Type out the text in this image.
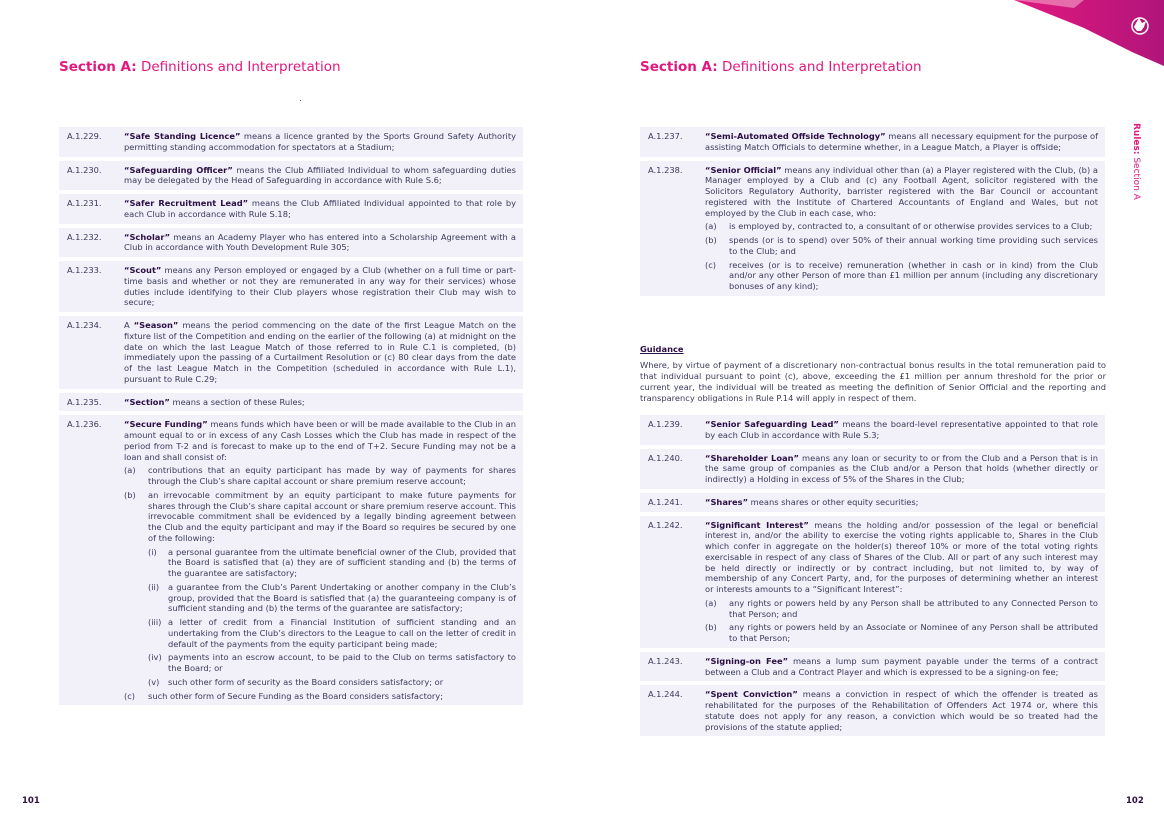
Section A: Definitions and Interpretation
A.1.229.	“Safe Standing Licence” means a licence granted by the Sports Ground Safety Authority permitting standing accommodation for spectators at a Stadium;
A.1.230.	“Safeguarding Officer” means the Club Affiliated Individual to whom safeguarding duties may be delegated by the Head of Safeguarding in accordance with Rule S.6;
A.1.231.	“Safer Recruitment Lead” means the Club Affiliated Individual appointed to that role by each Club in accordance with Rule S.18;
A.1.232.	“Scholar” means an Academy Player who has entered into a Scholarship Agreement with a Club in accordance with Youth Development Rule 305;
A.1.233.	“Scout” means any Person employed or engaged by a Club (whether on a full time or part-time basis and whether or not they are remunerated in any way for their services) whose duties include identifying to their Club players whose registration their Club may wish to secure;
A.1.234.	A “Season” means the period commencing on the date of the first League Match on the fixture list of the Competition and ending on the earlier of the following (a) at midnight on the date on which the last League Match of those referred to in Rule C.1 is completed, (b) immediately upon the passing of a Curtailment Resolution or (c) 80 clear days from the date of the last League Match in the Competition (scheduled in accordance with Rule L.1), pursuant to Rule C.29;
A.1.235.	“Section” means a section of these Rules;
A.1.236.	“Secure Funding” means funds which have been or will be made available to the Club in an amount equal to or in excess of any Cash Losses which the Club has made in respect of the period from T-2 and is forecast to make up to the end of T+2. Secure Funding may not be a loan and shall consist of:
(a)	contributions that an equity participant has made by way of payments for shares through the Club’s share capital account or share premium reserve account;
(b)	an irrevocable commitment by an equity participant to make future payments for shares through the Club’s share capital account or share premium reserve account. This irrevocable commitment shall be evidenced by a legally binding agreement between the Club and the equity participant and may if the Board so requires be secured by one of the following:
(i)	a personal guarantee from the ultimate beneficial owner of the Club, provided that the Board is satisfied that (a) they are of sufficient standing and (b) the terms of the guarantee are satisfactory;
(ii)	a guarantee from the Club’s Parent Undertaking or another company in the Club’s group, provided that the Board is satisfied that (a) the guaranteeing company is of sufficient standing and (b) the terms of the guarantee are satisfactory;
(iii) a letter of credit from a Financial Institution of sufficient standing and an undertaking from the Club’s directors to the League to call on the letter of credit in default of the payments from the equity participant being made;
(iv) payments into an escrow account, to be paid to the Club on terms satisfactory to the Board; or
(v)	such other form of security as the Board considers satisfactory; or
(c)	such other form of Secure Funding as the Board considers satisfactory;
101
Section A: Definitions and Interpretation
A.1.237.	“Semi-Automated Offside Technology” means all necessary equipment for the purpose of assisting Match Officials to determine whether, in a League Match, a Player is offside;
A.1.238.	“Senior Official” means any individual other than (a) a Player registered with the Club, (b) a Manager employed by a Club and (c) any Football Agent, solicitor registered with the Solicitors Regulatory Authority, barrister registered with the Bar Council or accountant registered with the Institute of Chartered Accountants of England and Wales, but not employed by the Club in each case, who:
(a)	is employed by, contracted to, a consultant of or otherwise provides services to a Club;
(b)	spends (or is to spend) over 50% of their annual working time providing such services to the Club; and
(c)	receives (or is to receive) remuneration (whether in cash or in kind) from the Club and/or any other Person of more than £1 million per annum (including any discretionary bonuses of any kind);
Guidance
Where, by virtue of payment of a discretionary non-contractual bonus results in the total remuneration paid to that individual pursuant to point (c), above, exceeding the £1 million per annum threshold for the prior or current year, the individual will be treated as meeting the definition of Senior Official and the reporting and transparency obligations in Rule P.14 will apply in respect of them.
A.1.239.	“Senior Safeguarding Lead” means the board-level representative appointed to that role by each Club in accordance with Rule S.3;
A.1.240.	“Shareholder Loan” means any loan or security to or from the Club and a Person that is in the same group of companies as the Club and/or a Person that holds (whether directly or indirectly) a Holding in excess of 5% of the Shares in the Club;
A.1.241.	“Shares” means shares or other equity securities;
A.1.242.	“Significant Interest” means the holding and/or possession of the legal or beneficial interest in, and/or the ability to exercise the voting rights applicable to, Shares in the Club which confer in aggregate on the holder(s) thereof 10% or more of the total voting rights exercisable in respect of any class of Shares of the Club. All or part of any such interest may be held directly or indirectly or by contract including, but not limited to, by way of membership of any Concert Party, and, for the purposes of determining whether an interest or interests amounts to a “Significant Interest”:
(a)	any rights or powers held by any Person shall be attributed to any Connected Person to that Person; and
(b)	any rights or powers held by an Associate or Nominee of any Person shall be attributed to that Person;
A.1.243.	“Signing-on Fee” means a lump sum payment payable under the terms of a contract between a Club and a Contract Player and which is expressed to be a signing-on fee;
A.1.244.	“Spent Conviction” means a conviction in respect of which the offender is treated as rehabilitated for the purposes of the Rehabilitation of Offenders Act 1974 or, where this statute does not apply for any reason, a conviction which would be so treated had the provisions of the statute applied;
Rules: Section A
102
